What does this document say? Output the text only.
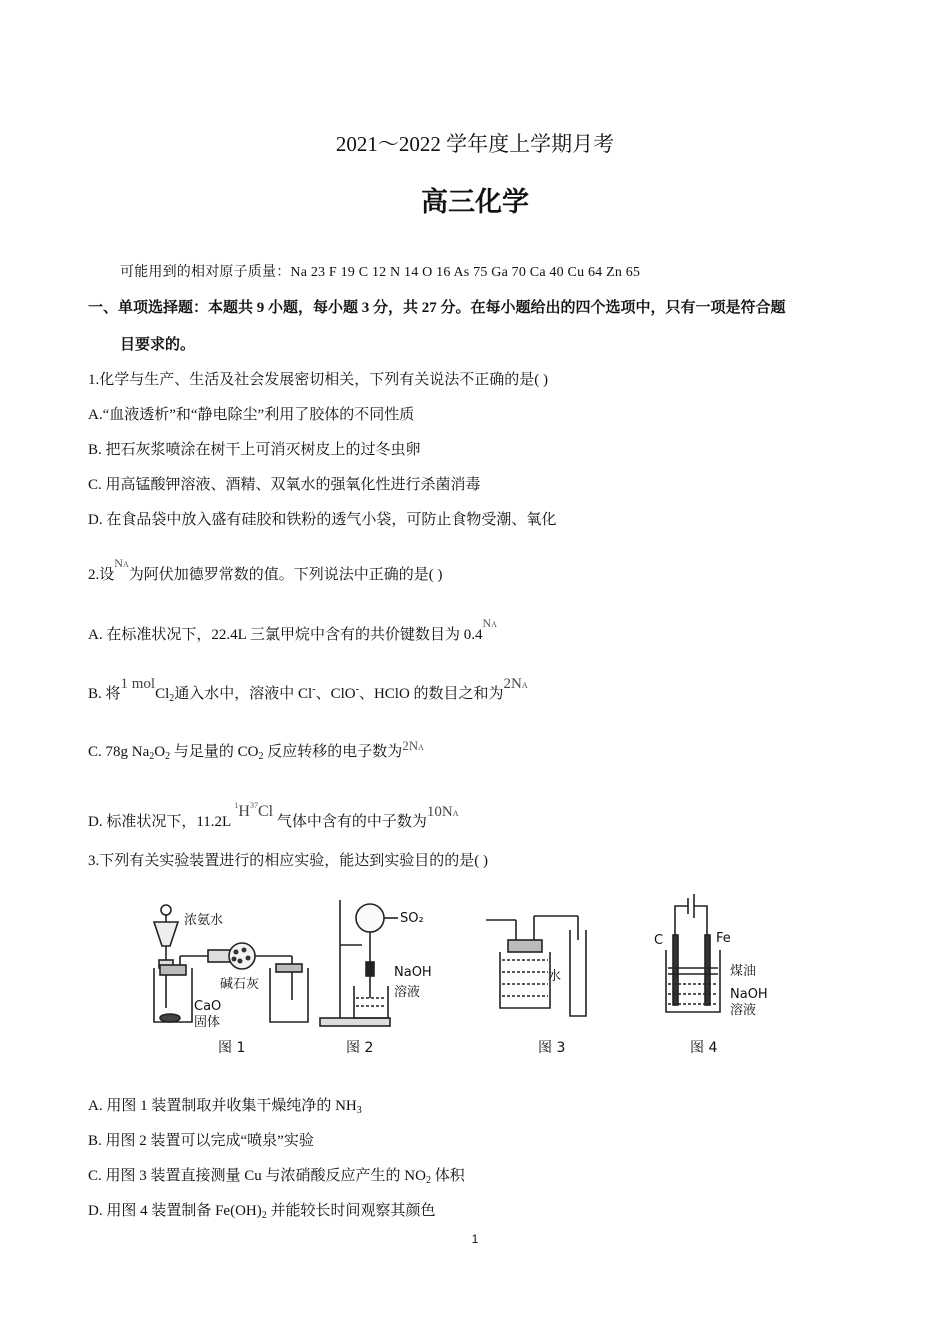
2021～2022 学年度上学期月考
高三化学
可能用到的相对原子质量：Na 23 F 19 C 12 N 14 O 16 As 75 Ga 70 Ca 40 Cu 64 Zn 65
一、单项选择题：本题共 9 小题，每小题 3 分，共 27 分。在每小题给出的四个选项中，只有一项是符合题
目要求的。
1.化学与生产、生活及社会发展密切相关，下列有关说法不正确的是( )
A.“血液透析”和“静电除尘”利用了胶体的不同性质
B. 把石灰浆喷涂在树干上可消灭树皮上的过冬虫卵
C. 用高锰酸钾溶液、酒精、双氧水的强氧化性进行杀菌消毒
D. 在食品袋中放入盛有硅胶和铁粉的透气小袋，可防止食物受潮、氧化
2.设$^{NA}$为阿伏加德罗常数的值。下列说法中正确的是( )
A. 在标准状况下，22.4L 三氯甲烷中含有的共价键数目为 $0.4^{NA}$
B. 将1 molCl$_2$通入水中，溶液中 Cl-、ClO-、HClO 的数目之和为2NA
C. 78g $Na_2O_2$ 与足量的 $CO_2$ 反应转移的电子数为2NA
D. 标准状况下，11.2L $^1H^{37}Cl$ 气体中含有的中子数为10NA
3.下列有关实验装置进行的相应实验，能达到实验目的的是( )
浓氨水
碱石灰
CaO
固体
图 1
SO₂
NaOH
溶液
图 2
水
图 3
C	Fe
煤油
NaOH
溶液
图 4
A. 用图 1 装置制取并收集干燥纯净的 $NH_3$
B. 用图 2 装置可以完成“喷泉”实验
C. 用图 3 装置直接测量 Cu 与浓硝酸反应产生的 $NO_2$ 体积
D. 用图 4 装置制备 $Fe(OH)_2$ 并能较长时间观察其颜色
1
